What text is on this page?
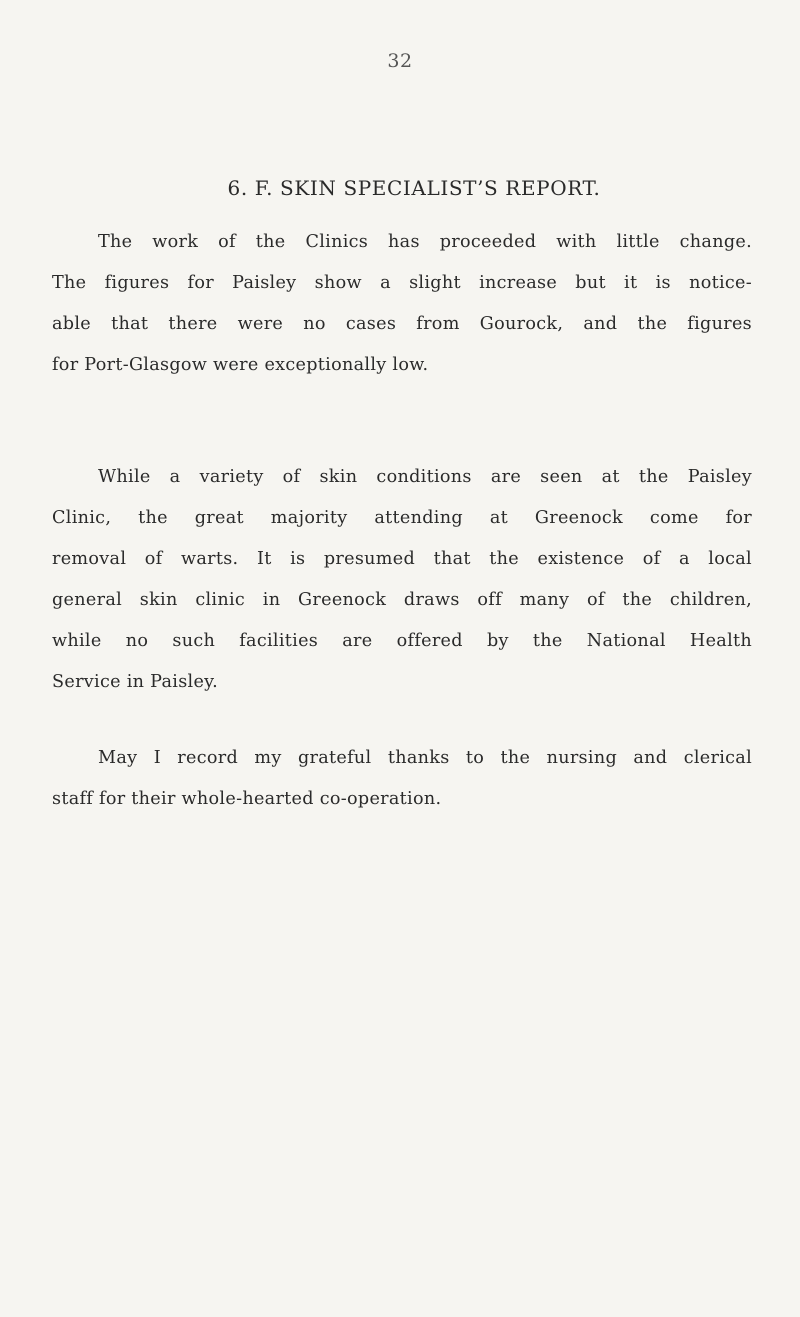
32
6. F. SKIN SPECIALIST’S REPORT.

The work of the Clinics has proceeded with little change.
The figures for Paisley show a slight increase but it is notice-
able that there were no cases from Gourock, and the figures
for Port-Glasgow were exceptionally low.

While a variety of skin conditions are seen at the Paisley
Clinic, the great majority attending at Greenock come for
removal of warts. It is presumed that the existence of a local
general skin clinic in Greenock draws off many of the children,
while no such facilities are offered by the National Health
Service in Paisley.

May I record my grateful thanks to the nursing and clerical
staff for their whole-hearted co-operation.
